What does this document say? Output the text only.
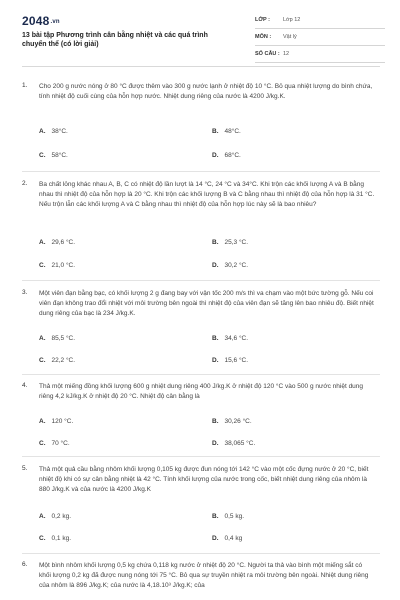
$2048^{.vn}$
13 bài tập Phương trình cân bằng nhiệt và các quá trình chuyển thể (có lời giải)
LỚP : Lớp 12
MÔN : Vật lý
SỐ CÂU : 12
1. Cho 200 g nước nóng ở 80 °C được thêm vào 300 g nước lạnh ở nhiệt độ 10 °C. Bỏ qua nhiệt lượng do bình chứa, tính nhiệt độ cuối cùng của hỗn hợp nước. Nhiệt dung riêng của nước là 4200 J/kg.K.
A. 38°C.	B. 48°C.
C. 58°C.	D. 68°C.
2. Ba chất lỏng khác nhau A, B, C có nhiệt độ lần lượt là 14 °C, 24 °C và 34°C. Khi trộn các khối lượng A và B bằng nhau thì nhiệt độ của hỗn hợp là 20 °C. Khi trộn các khối lượng B và C bằng nhau thì nhiệt độ của hỗn hợp là 31 °C. Nếu trộn lẫn các khối lượng A và C bằng nhau thì nhiệt độ của hỗn hợp lúc này sẽ là bao nhiêu?
A. 29,6 °C.	B. 25,3 °C.
C. 21,0 °C.	D. 30,2 °C.
3. Một viên đạn bằng bạc, có khối lượng 2 g đang bay với vận tốc 200 m/s thì va chạm vào một bức tường gỗ. Nếu coi viên đạn không trao đổi nhiệt với môi trường bên ngoài thì nhiệt độ của viên đạn sẽ tăng lên bao nhiêu độ. Biết nhiệt dung riêng của bạc là 234 J/kg.K.
A. 85,5 °C.	B. 34,6 °C.
C. 22,2 °C.	D. 15,6 °C.
4. Thả một miếng đồng khối lượng 600 g nhiệt dung riêng 400 J/kg.K ở nhiệt độ 120 °C vào 500 g nước nhiệt dung riêng 4,2 kJ/kg.K ở nhiệt độ 20 °C. Nhiệt độ cân bằng là
A. 120 °C.	B. 30,26 °C.
C. 70 °C.	D. 38,065 °C.
5. Thả một quả cầu bằng nhôm khối lượng 0,105 kg được đun nóng tới 142 °C vào một cốc đựng nước ở 20 °C, biết nhiệt độ khi có sự cân bằng nhiệt là 42 °C. Tính khối lượng của nước trong cốc, biết nhiệt dung riêng của nhôm là 880 J/kg.K và của nước là 4200 J/kg.K
A. 0,2 kg.	B. 0,5 kg.
C. 0,1 kg.	D. 0,4 kg
6. Một bình nhôm khối lượng 0,5 kg chứa 0,118 kg nước ở nhiệt độ 20 °C. Người ta thả vào bình một miếng sắt có khối lượng 0,2 kg đã được nung nóng tới 75 °C. Bỏ qua sự truyền nhiệt ra môi trường bên ngoài. Nhiệt dung riêng của nhôm là 896 J/kg.K; của nước là 4,18.10³ J/kg.K; của
